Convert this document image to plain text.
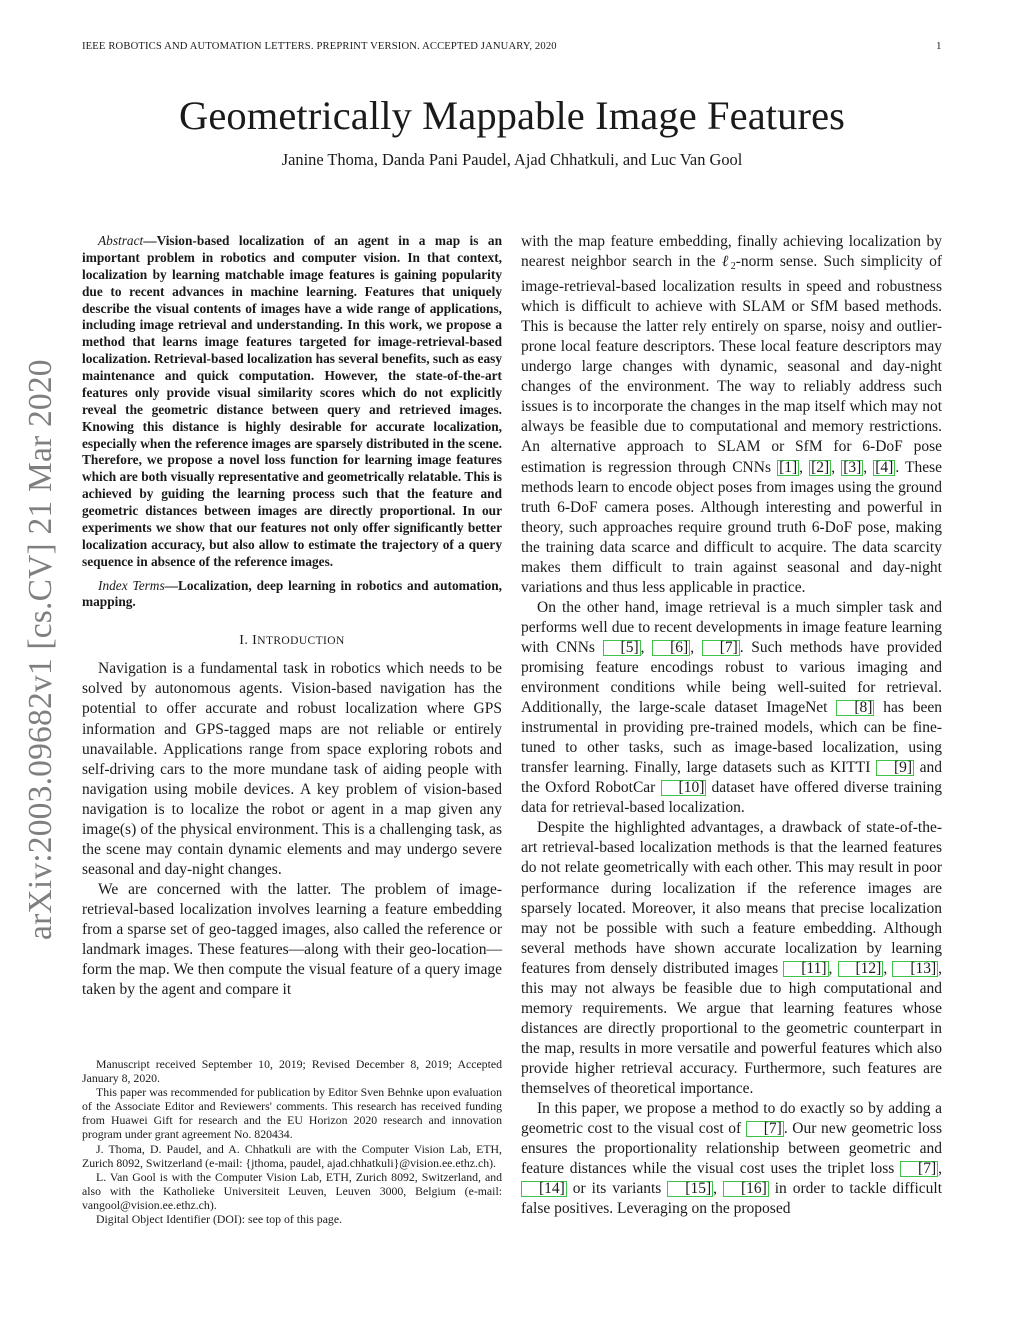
IEEE ROBOTICS AND AUTOMATION LETTERS. PREPRINT VERSION. ACCEPTED JANUARY, 2020	1
Geometrically Mappable Image Features
Janine Thoma, Danda Pani Paudel, Ajad Chhatkuli, and Luc Van Gool
arXiv:2003.09682v1 [cs.CV] 21 Mar 2020

Abstract—Vision-based localization of an agent in a map is an important problem in robotics and computer vision. In that context, localization by learning matchable image features is gaining popularity due to recent advances in machine learning. Features that uniquely describe the visual contents of images have a wide range of applications, including image retrieval and understanding. In this work, we propose a method that learns image features targeted for image-retrieval-based localization. Retrieval-based localization has several benefits, such as easy maintenance and quick computation. However, the state-of-the-art features only provide visual similarity scores which do not explicitly reveal the geometric distance between query and retrieved images. Knowing this distance is highly desirable for accurate localization, especially when the reference images are sparsely distributed in the scene. Therefore, we propose a novel loss function for learning image features which are both visually representative and geometrically relatable. This is achieved by guiding the learning process such that the feature and geometric distances between images are directly proportional. In our experiments we show that our features not only offer significantly better localization accuracy, but also allow to estimate the trajectory of a query sequence in absence of the reference images.

Index Terms—Localization, deep learning in robotics and automation, mapping.

I. INTRODUCTION

Navigation is a fundamental task in robotics which needs to be solved by autonomous agents. Vision-based navigation has the potential to offer accurate and robust localization where GPS information and GPS-tagged maps are not reliable or entirely unavailable. Applications range from space exploring robots and self-driving cars to the more mundane task of aiding people with navigation using mobile devices. A key problem of vision-based navigation is to localize the robot or agent in a map given any image(s) of the physical environment. This is a challenging task, as the scene may contain dynamic elements and may undergo severe seasonal and day-night changes.

We are concerned with the latter. The problem of image-retrieval-based localization involves learning a feature embedding from a sparse set of geo-tagged images, also called the reference or landmark images. These features—along with their geo-location—form the map. We then compute the visual feature of a query image taken by the agent and compare it

Manuscript received September 10, 2019; Revised December 8, 2019; Accepted January 8, 2020.

This paper was recommended for publication by Editor Sven Behnke upon evaluation of the Associate Editor and Reviewers' comments. This research has received funding from Huawei Gift for research and the EU Horizon 2020 research and innovation program under grant agreement No. 820434.

J. Thoma, D. Paudel, and A. Chhatkuli are with the Computer Vision Lab, ETH, Zurich 8092, Switzerland (e-mail: {jthoma, paudel, ajad.chhatkuli}@vision.ee.ethz.ch).

L. Van Gool is with the Computer Vision Lab, ETH, Zurich 8092, Switzerland, and also with the Katholieke Universiteit Leuven, Leuven 3000, Belgium (e-mail: vangool@vision.ee.ethz.ch).

Digital Object Identifier (DOI): see top of this page.

with the map feature embedding, finally achieving localization by nearest neighbor search in the ℓ$_2$-norm sense. Such simplicity of image-retrieval-based localization results in speed and robustness which is difficult to achieve with SLAM or SfM based methods. This is because the latter rely entirely on sparse, noisy and outlier-prone local feature descriptors. These local feature descriptors may undergo large changes with dynamic, seasonal and day-night changes of the environment. The way to reliably address such issues is to incorporate the changes in the map itself which may not always be feasible due to computational and memory restrictions. An alternative approach to SLAM or SfM for 6-DoF pose estimation is regression through CNNs [1] , [2] , [3] , [4] . These methods learn to encode object poses from images using the ground truth 6-DoF camera poses. Although interesting and powerful in theory, such approaches require ground truth 6-DoF pose, making the training data scarce and difficult to acquire. The data scarcity makes them difficult to train against seasonal and day-night variations and thus less applicable in practice.

On the other hand, image retrieval is a much simpler task and performs well due to recent developments in image feature learning with CNNs [5] , [6] , [7] . Such methods have provided promising feature encodings robust to various imaging and environment conditions while being well-suited for retrieval. Additionally, the large-scale dataset ImageNet [8] has been instrumental in providing pre-trained models, which can be fine-tuned to other tasks, such as image-based localization, using transfer learning. Finally, large datasets such as KITTI [9] and the Oxford RobotCar [10] dataset have offered diverse training data for retrieval-based localization.

Despite the highlighted advantages, a drawback of state-of-the-art retrieval-based localization methods is that the learned features do not relate geometrically with each other. This may result in poor performance during localization if the reference images are sparsely located. Moreover, it also means that precise localization may not be possible with such a feature embedding. Although several methods have shown accurate localization by learning features from densely distributed images [11] , [12] , [13] , this may not always be feasible due to high computational and memory requirements. We argue that learning features whose distances are directly proportional to the geometric counterpart in the map, results in more versatile and powerful features which also provide higher retrieval accuracy. Furthermore, such features are themselves of theoretical importance.

In this paper, we propose a method to do exactly so by adding a geometric cost to the visual cost of [7] . Our new geometric loss ensures the proportionality relationship between geometric and feature distances while the visual cost uses the triplet loss [7] , [14] or its variants [15] , [16] in order to tackle difficult false positives. Leveraging on the proposed
